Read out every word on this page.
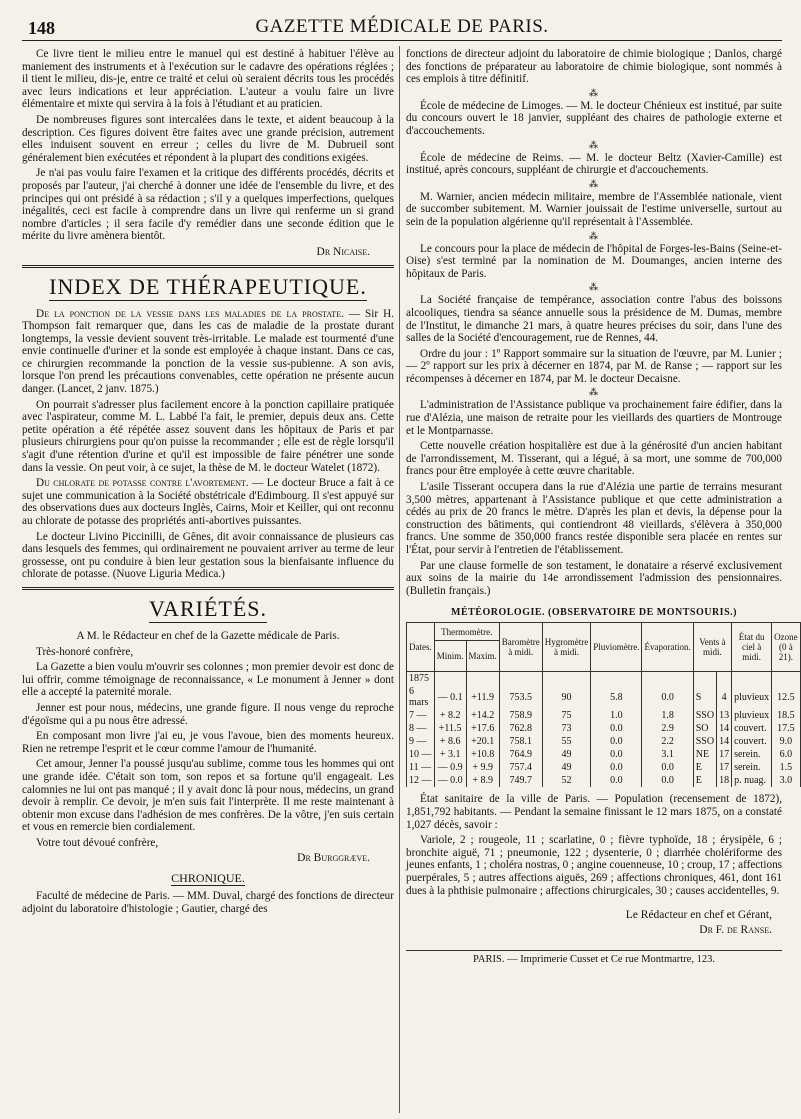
148	GAZETTE MÉDICALE DE PARIS.

Ce livre tient le milieu entre le manuel qui est destiné à habituer l'élève au maniement des instruments et à l'exécution sur le cadavre des opérations réglées ; il tient le milieu, dis-je, entre ce traité et celui où seraient décrits tous les procédés avec leurs indications et leur appréciation. L'auteur a voulu faire un livre élémentaire et mixte qui servira à la fois à l'étudiant et au praticien.

De nombreuses figures sont intercalées dans le texte, et aident beaucoup à la description. Ces figures doivent être faites avec une grande précision, autrement elles induisent souvent en erreur ; celles du livre de M. Dubrueil sont généralement bien exécutées et répondent à la plupart des conditions exigées.

Je n'ai pas voulu faire l'examen et la critique des différents procédés, décrits et proposés par l'auteur, j'ai cherché à donner une idée de l'ensemble du livre, et des principes qui ont présidé à sa rédaction ; s'il y a quelques imperfections, quelques inégalités, ceci est facile à comprendre dans un livre qui renferme un si grand nombre d'articles ; il sera facile d'y remédier dans une seconde édition que le mérite du livre amènera bientôt.

Dr Nicaise.

INDEX DE THÉRAPEUTIQUE.

De la ponction de la vessie dans les maladies de la prostate. — Sir H. Thompson fait remarquer que, dans les cas de maladie de la prostate durant longtemps, la vessie devient souvent très-irritable. Le malade est tourmenté d'une envie continuelle d'uriner et la sonde est employée à chaque instant. Dans ce cas, ce chirurgien recommande la ponction de la vessie sus-pubienne. A son avis, lorsque l'on prend les précautions convenables, cette opération ne présente aucun danger. (Lancet, 2 janv. 1875.)

On pourrait s'adresser plus facilement encore à la ponction capillaire pratiquée avec l'aspirateur, comme M. L. Labbé l'a fait, le premier, depuis deux ans. Cette petite opération a été répétée assez souvent dans les hôpitaux de Paris et par plusieurs chirurgiens pour qu'on puisse la recommander ; elle est de règle lorsqu'il s'agit d'une rétention d'urine et qu'il est impossible de faire pénétrer une sonde dans la vessie. On peut voir, à ce sujet, la thèse de M. le docteur Watelet (1872).

Du chlorate de potasse contre l'avortement. — Le docteur Bruce a fait à ce sujet une communication à la Société obstétricale d'Edimbourg. Il s'est appuyé sur des observations dues aux docteurs Inglès, Cairns, Moir et Keiller, qui ont reconnu au chlorate de potasse des propriétés anti-abortives puissantes.

Le docteur Livino Piccinilli, de Gênes, dit avoir connaissance de plusieurs cas dans lesquels des femmes, qui ordinairement ne pouvaient arriver au terme de leur grossesse, ont pu conduire à bien leur gestation sous la bienfaisante influence du chlorate de potasse. (Nuove Liguria Medica.)

VARIÉTÉS.

A M. le Rédacteur en chef de la Gazette médicale de Paris.

Très-honoré confrère,

La Gazette a bien voulu m'ouvrir ses colonnes ; mon premier devoir est donc de lui offrir, comme témoignage de reconnaissance, « Le monument à Jenner » dont elle a accepté la paternité morale.

Jenner est pour nous, médecins, une grande figure. Il nous venge du reproche d'égoïsme qui a pu nous être adressé.

En composant mon livre j'ai eu, je vous l'avoue, bien des moments heureux. Rien ne retrempe l'esprit et le cœur comme l'amour de l'humanité.

Cet amour, Jenner l'a poussé jusqu'au sublime, comme tous les hommes qui ont une grande idée. C'était son tom, son repos et sa fortune qu'il engageait. Les calomnies ne lui ont pas manqué ; il y avait donc là pour nous, médecins, un grand devoir à remplir. Ce devoir, je m'en suis fait l'interprète. Il me reste maintenant à obtenir mon excuse dans l'adhésion de mes confrères. De la vôtre, j'en suis certain et vous en remercie bien cordialement.

Votre tout dévoué confrère,

Dr Burggræve.

CHRONIQUE.

Faculté de médecine de Paris. — MM. Duval, chargé des fonctions de directeur adjoint du laboratoire d'histologie ; Gautier, chargé des

fonctions de directeur adjoint du laboratoire de chimie biologique ; Danlos, chargé des fonctions de préparateur au laboratoire de chimie biologique, sont nommés à ces emplois à titre définitif.

⁂

École de médecine de Limoges. — M. le docteur Chénieux est institué, par suite du concours ouvert le 18 janvier, suppléant des chaires de pathologie externe et d'accouchements.

⁂

École de médecine de Reims. — M. le docteur Beltz (Xavier-Camille) est institué, après concours, suppléant de chirurgie et d'accouchements.

⁂

M. Warnier, ancien médecin militaire, membre de l'Assemblée nationale, vient de succomber subitement. M. Warnier jouissait de l'estime universelle, surtout au sein de la population algérienne qu'il représentait à l'Assemblée.

⁂

Le concours pour la place de médecin de l'hôpital de Forges-les-Bains (Seine-et-Oise) s'est terminé par la nomination de M. Doumanges, ancien interne des hôpitaux de Paris.

⁂

La Société française de tempérance, association contre l'abus des boissons alcooliques, tiendra sa séance annuelle sous la présidence de M. Dumas, membre de l'Institut, le dimanche 21 mars, à quatre heures précises du soir, dans l'une des salles de la Société d'encouragement, rue de Rennes, 44.

Ordre du jour : 1º Rapport sommaire sur la situation de l'œuvre, par M. Lunier ; — 2º rapport sur les prix à décerner en 1874, par M. de Ranse ; — rapport sur les récompenses à décerner en 1874, par M. le docteur Decaisne.

⁂

L'administration de l'Assistance publique va prochainement faire édifier, dans la rue d'Alézia, une maison de retraite pour les vieillards des quartiers de Montrouge et le Montparnasse.

Cette nouvelle création hospitalière est due à la générosité d'un ancien habitant de l'arrondissement, M. Tisserant, qui a légué, à sa mort, une somme de 700,000 francs pour être employée à cette œuvre charitable.

L'asile Tisserant occupera dans la rue d'Alézia une partie de terrains mesurant 3,500 mètres, appartenant à l'Assistance publique et que cette administration a cédés au prix de 20 francs le mètre. D'après les plan et devis, la dépense pour la construction des bâtiments, qui contiendront 48 vieillards, s'élèvera à 350,000 francs. Une somme de 350,000 francs restée disponible sera placée en rentes sur l'État, pour servir à l'entretien de l'établissement.

Par une clause formelle de son testament, le donataire a réservé exclusivement aux soins de la mairie du 14e arrondissement l'admission des pensionnaires. (Bulletin français.)

MÉTÉOROLOGIE. (OBSERVATOIRE DE MONTSOURIS.)
Dates.	Thermomètre.		Baromètre à midi.	Hygromètre à midi.	Pluviomètre.	Évaporation.	Vents à midi.		État du ciel à midi.	Ozone (0 à 21).
	Minim.	Maxim.								
1875										
6 mars	— 0.1	+11.9	753.5	90	5.8	0.0	S	4	pluvieux	12.5
7 —	+ 8.2	+14.2	758.9	75	1.0	1.8	SSO	13	pluvieux	18.5
8 —	+11.5	+17.6	762.8	73	0.0	2.9	SO	14	couvert.	17.5
9 —	+ 8.6	+20.1	758.1	55	0.0	2.2	SSO	14	couvert.	9.0
10 —	+ 3.1	+10.8	764.9	49	0.0	3.1	NE	17	serein.	6.0
11 —	— 0.9	+ 9.9	757.4	49	0.0	0.0	E	17	serein.	1.5
12 —	— 0.0	+ 8.9	749.7	52	0.0	0.0	E	18	p. nuag.	3.0

État sanitaire de la ville de Paris. — Population (recensement de 1872), 1,851,792 habitants. — Pendant la semaine finissant le 12 mars 1875, on a constaté 1,027 décès, savoir :

Variole, 2 ; rougeole, 11 ; scarlatine, 0 ; fièvre typhoïde, 18 ; érysipèle, 6 ; bronchite aiguë, 71 ; pneumonie, 122 ; dysenterie, 0 ; diarrhée cholériforme des jeunes enfants, 1 ; choléra nostras, 0 ; angine couenneuse, 10 ; croup, 17 ; affections puerpérales, 5 ; autres affections aiguës, 269 ; affections chroniques, 461, dont 161 dues à la phthisie pulmonaire ; affections chirurgicales, 30 ; causes accidentelles, 9.

Le Rédacteur en chef et Gérant,

Dr F. de Ranse.

PARIS. — Imprimerie Cusset et Ce rue Montmartre, 123.
